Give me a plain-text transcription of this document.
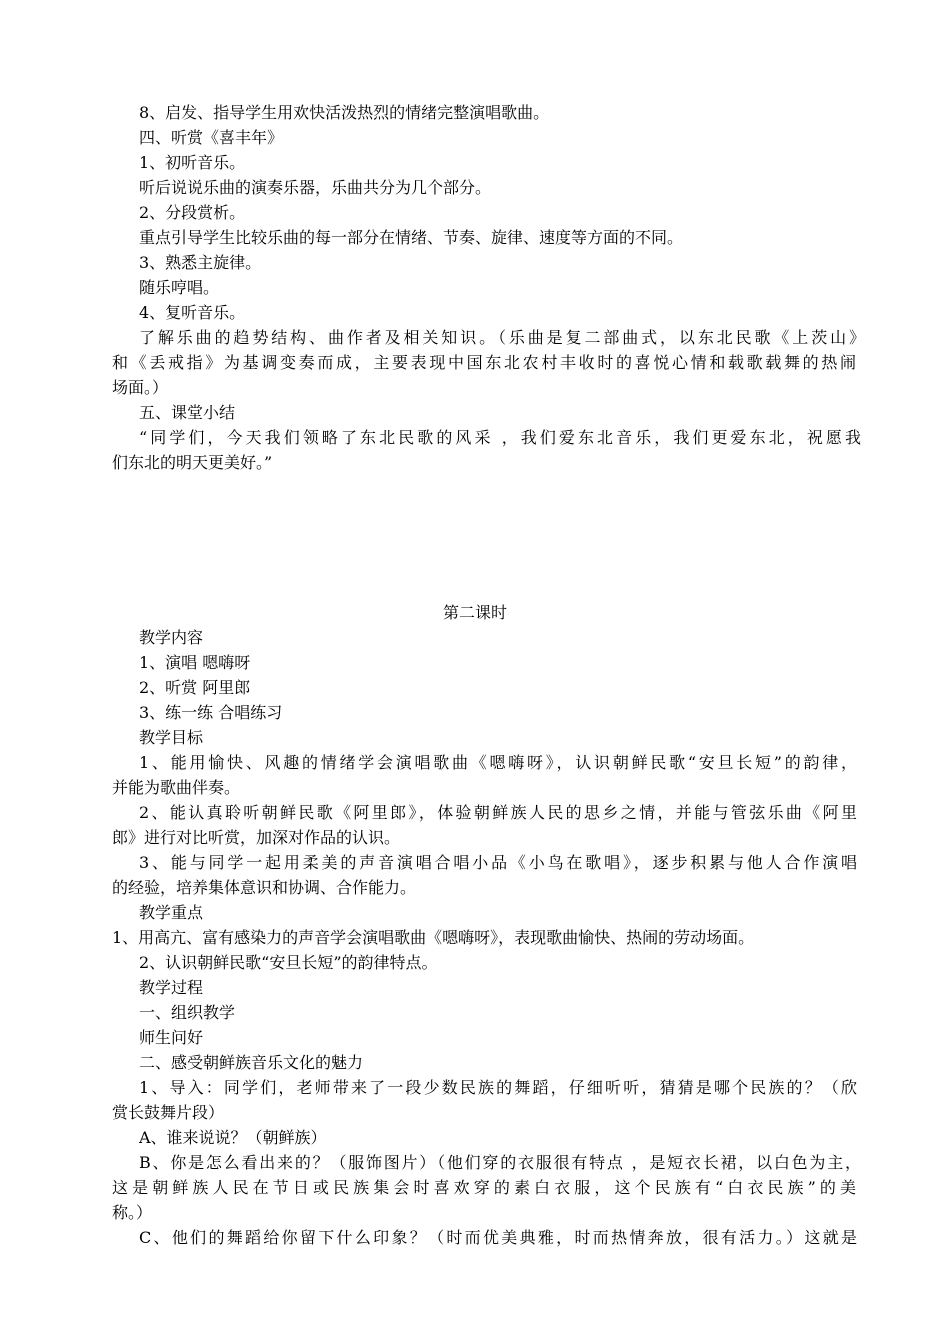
8、启发、指导学生用欢快活泼热烈的情绪完整演唱歌曲。
四、听赏《喜丰年》
1、初听音乐。
听后说说乐曲的演奏乐器，乐曲共分为几个部分。
2、分段赏析。
重点引导学生比较乐曲的每一部分在情绪、节奏、旋律、速度等方面的不同。
3、熟悉主旋律。
随乐哼唱。
4、复听音乐。
了解乐曲的趋势结构、曲作者及相关知识。（乐曲是复二部曲式，以东北民歌《上茨山》
和《丢戒指》为基调变奏而成，主要表现中国东北农村丰收时的喜悦心情和载歌载舞的热闹
场面。）
五、课堂小结
“同学们，今天我们领略了东北民歌的风采 ，我们爱东北音乐，我们更爱东北，祝愿我
们东北的明天更美好。”
第二课时
教学内容
1、演唱 嗯嗨呀
2、听赏 阿里郎
3、练一练 合唱练习
教学目标
1、能用愉快、风趣的情绪学会演唱歌曲《嗯嗨呀》，认识朝鲜民歌“安旦长短”的韵律，
并能为歌曲伴奏。
2、能认真聆听朝鲜民歌《阿里郎》，体验朝鲜族人民的思乡之情，并能与管弦乐曲《阿里
郎》进行对比听赏，加深对作品的认识。
3、能与同学一起用柔美的声音演唱合唱小品《小鸟在歌唱》，逐步积累与他人合作演唱
的经验，培养集体意识和协调、合作能力。
教学重点
1、用高亢、富有感染力的声音学会演唱歌曲《嗯嗨呀》，表现歌曲愉快、热闹的劳动场面。
2、认识朝鲜民歌“安旦长短”的韵律特点。
教学过程
一、组织教学
师生问好
二、感受朝鲜族音乐文化的魅力
1、导入：同学们，老师带来了一段少数民族的舞蹈，仔细听听，猜猜是哪个民族的？（欣
赏长鼓舞片段）
A、谁来说说？（朝鲜族）
B、你是怎么看出来的？（服饰图片）（他们穿的衣服很有特点 ，是短衣长裙，以白色为主，
这是朝鲜族人民在节日或民族集会时喜欢穿的素白衣服，这个民族有“白衣民族”的美
称。）
C、他们的舞蹈给你留下什么印象？（时而优美典雅，时而热情奔放，很有活力。）这就是
